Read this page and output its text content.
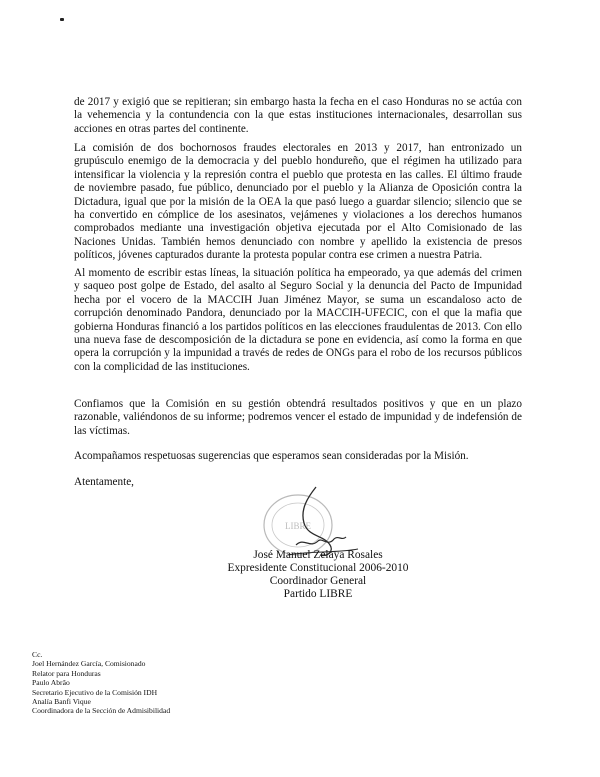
de 2017 y exigió que se repitieran; sin embargo hasta la fecha en el caso Honduras no se actúa con la vehemencia y la contundencia con la que estas instituciones internacionales, desarrollan sus acciones en otras partes del continente.

La comisión de dos bochornosos fraudes electorales en 2013 y 2017, han entronizado un grupúsculo enemigo de la democracia y del pueblo hondureño, que el régimen ha utilizado para intensificar la violencia y la represión contra el pueblo que protesta en las calles. El último fraude de noviembre pasado, fue público, denunciado por el pueblo y la Alianza de Oposición contra la Dictadura, igual que por la misión de la OEA la que pasó luego a guardar silencio; silencio que se ha convertido en cómplice de los asesinatos, vejámenes y violaciones a los derechos humanos comprobados mediante una investigación objetiva ejecutada por el Alto Comisionado de las Naciones Unidas. También hemos denunciado con nombre y apellido la existencia de presos políticos, jóvenes capturados durante la protesta popular contra ese crimen a nuestra Patria.

Al momento de escribir estas líneas, la situación política ha empeorado, ya que además del crimen y saqueo post golpe de Estado, del asalto al Seguro Social y la denuncia del Pacto de Impunidad hecha por el vocero de la MACCIH Juan Jiménez Mayor, se suma un escandaloso acto de corrupción denominado Pandora, denunciado por la MACCIH-UFECIC, con el que la mafia que gobierna Honduras financió a los partidos políticos en las elecciones fraudulentas de 2013. Con ello una nueva fase de descomposición de la dictadura se pone en evidencia, así como la forma en que opera la corrupción y la impunidad a través de redes de ONGs para el robo de los recursos públicos con la complicidad de las instituciones.

Confiamos que la Comisión en su gestión obtendrá resultados positivos y que en un plazo razonable, valiéndonos de su informe; podremos vencer el estado de impunidad y de indefensión de las víctimas.

Acompañamos respetuosas sugerencias que esperamos sean consideradas por la Misión.

Atentamente,

LIBRE

José Manuel Zelaya Rosales

Expresidente Constitucional 2006-2010

Coordinador General

Partido LIBRE

Cc.
Joel Hernández García, Comisionado
Relator para Honduras
Paulo Abrão
Secretario Ejecutivo de la Comisión IDH
Analía Banfi Vique
Coordinadora de la Sección de Admisibilidad
